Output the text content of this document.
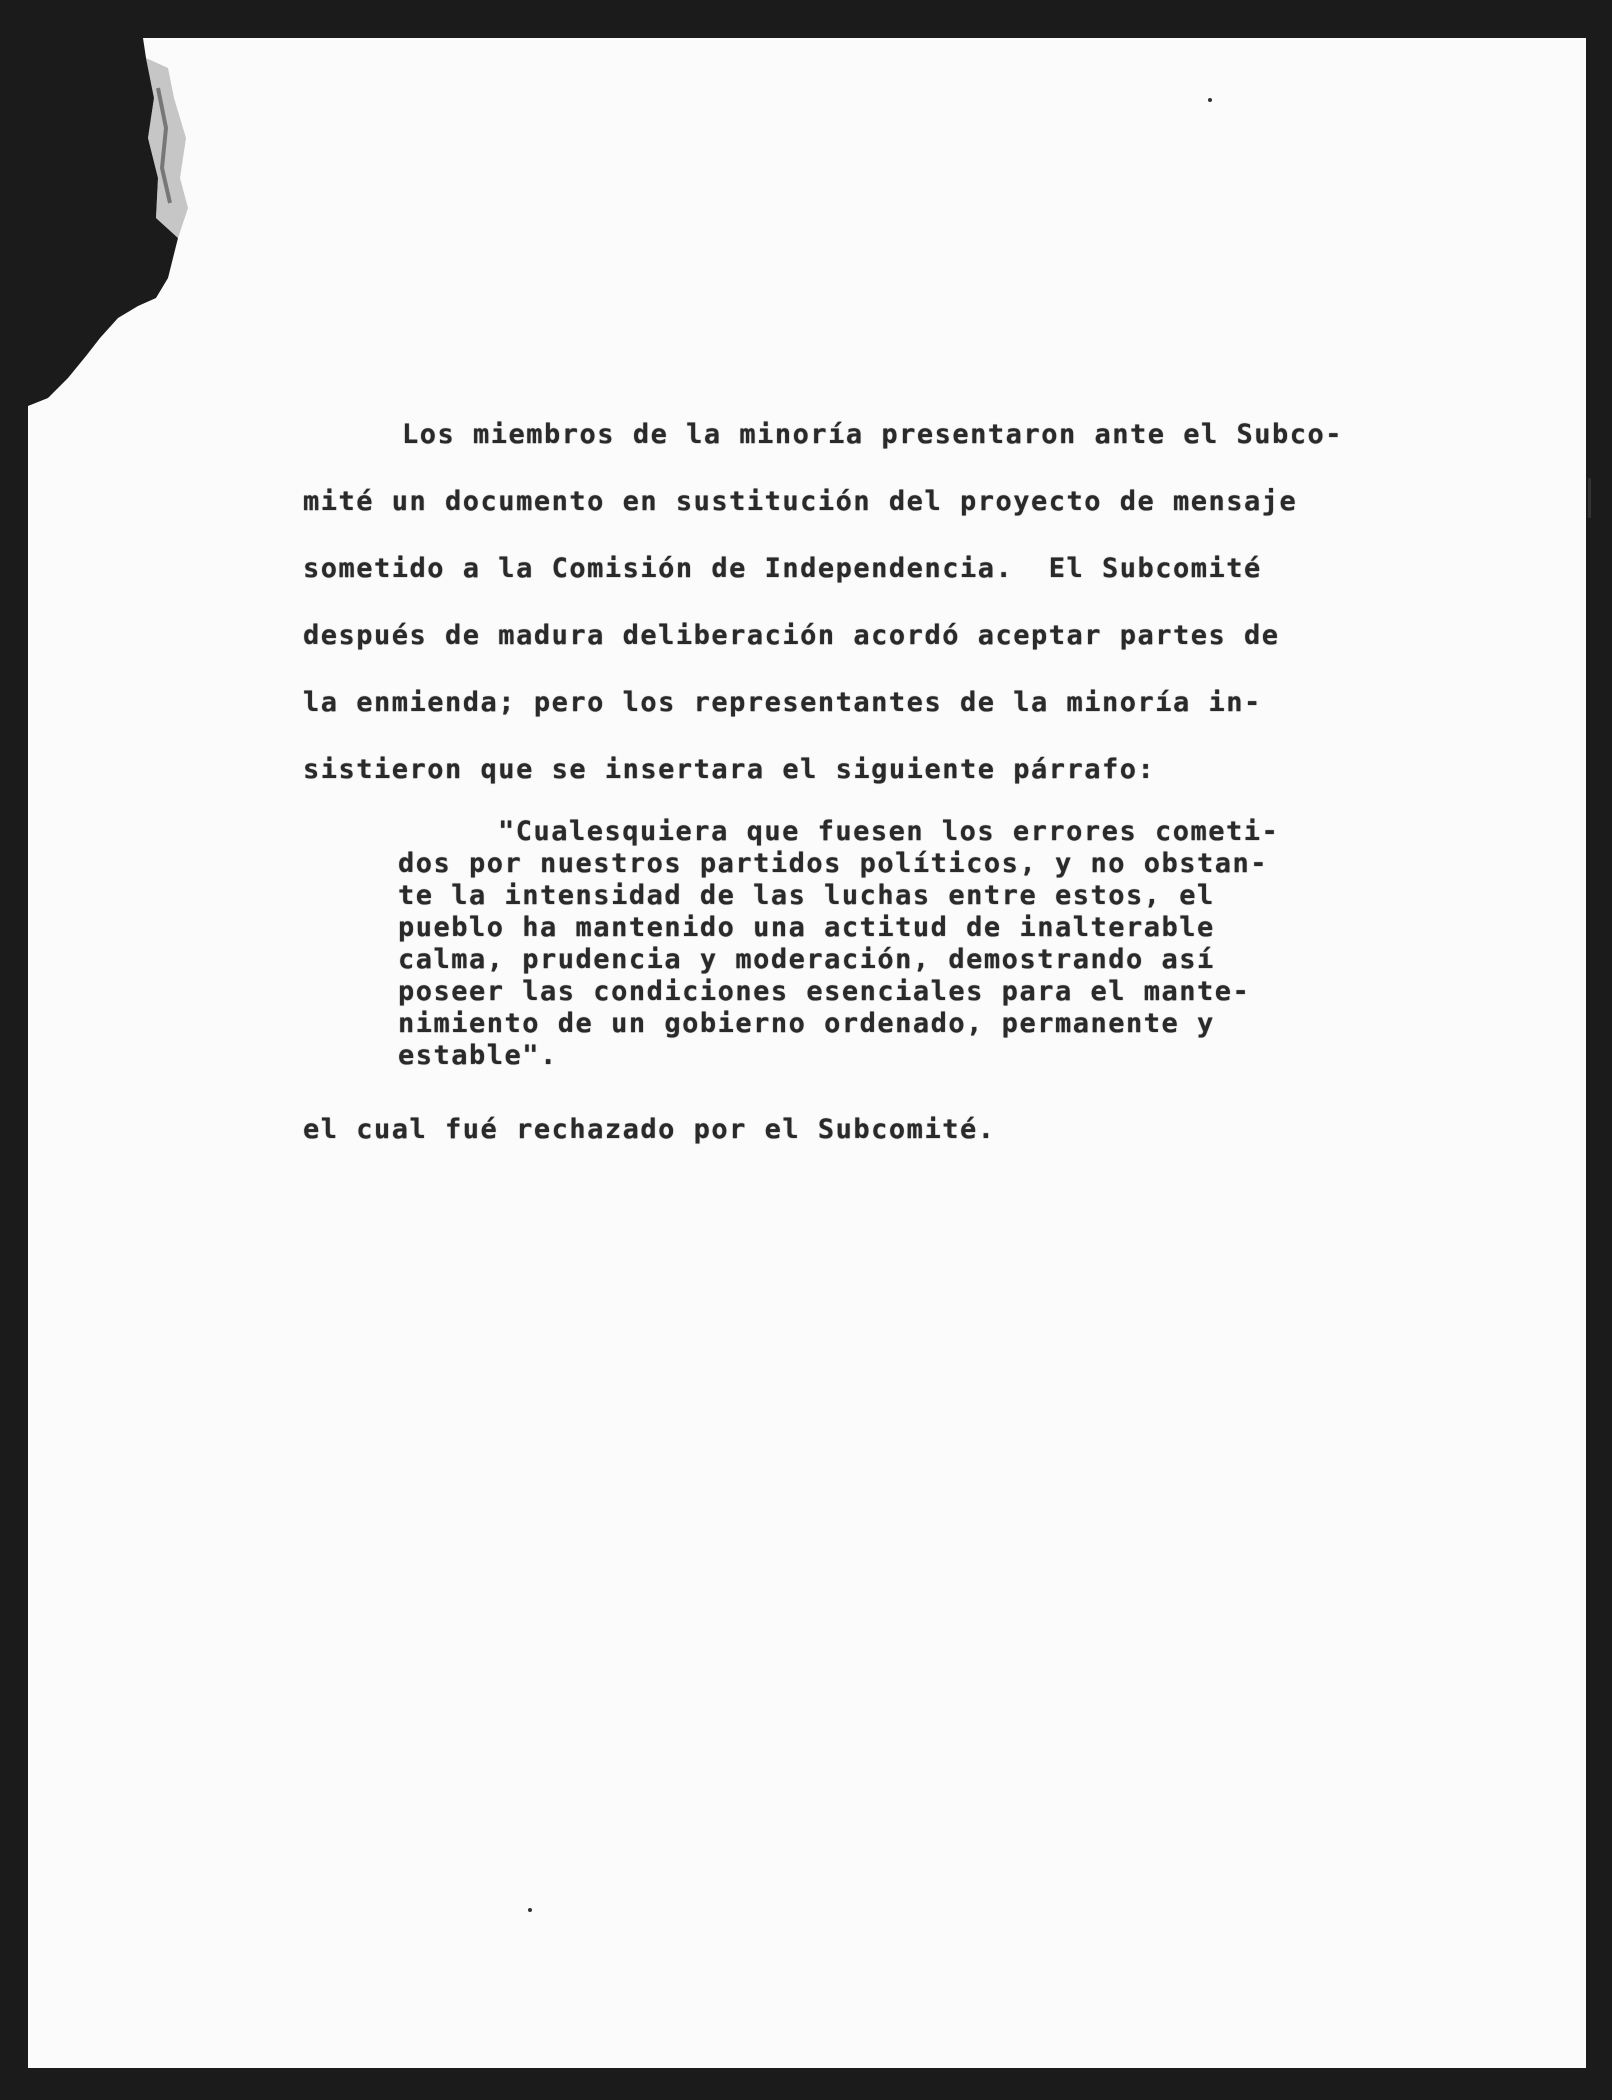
Los miembros de la minoría presentaron ante el Subco-
mité un documento en sustitución del proyecto de mensaje
sometido a la Comisión de Independencia.  El Subcomité
después de madura deliberación acordó aceptar partes de
la enmienda; pero los representantes de la minoría in-
sistieron que se insertara el siguiente párrafo:
"Cualesquiera que fuesen los errores cometi-
dos por nuestros partidos políticos, y no obstan-
te la intensidad de las luchas entre estos, el
pueblo ha mantenido una actitud de inalterable
calma, prudencia y moderación, demostrando así
poseer las condiciones esenciales para el mante-
nimiento de un gobierno ordenado, permanente y
estable".
el cual fué rechazado por el Subcomité.
